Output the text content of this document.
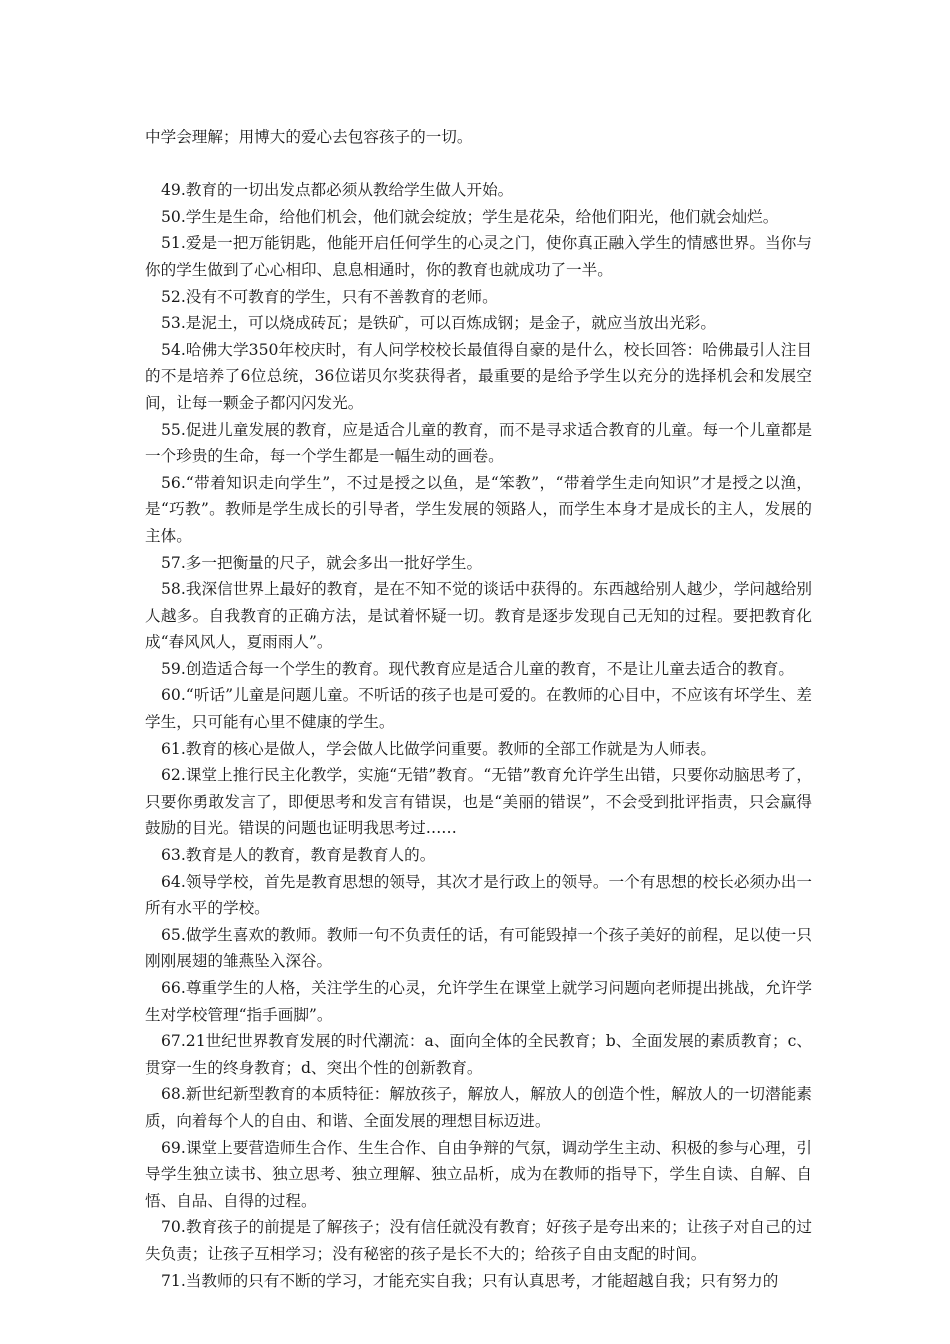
中学会理解；用博大的爱心去包容孩子的一切。

49.教育的一切出发点都必须从教给学生做人开始。

50.学生是生命，给他们机会，他们就会绽放；学生是花朵，给他们阳光，他们就会灿烂。

51.爱是一把万能钥匙，他能开启任何学生的心灵之门，使你真正融入学生的情感世界。当你与你的学生做到了心心相印、息息相通时，你的教育也就成功了一半。

52.没有不可教育的学生，只有不善教育的老师。

53.是泥土，可以烧成砖瓦；是铁矿，可以百炼成钢；是金子，就应当放出光彩。

54.哈佛大学350年校庆时，有人问学校校长最值得自豪的是什么，校长回答：哈佛最引人注目的不是培养了6位总统，36位诺贝尔奖获得者，最重要的是给予学生以充分的选择机会和发展空间，让每一颗金子都闪闪发光。

55.促进儿童发展的教育，应是适合儿童的教育，而不是寻求适合教育的儿童。每一个儿童都是一个珍贵的生命，每一个学生都是一幅生动的画卷。

56.“带着知识走向学生”，不过是授之以鱼，是“笨教”，“带着学生走向知识”才是授之以渔，是“巧教”。教师是学生成长的引导者，学生发展的领路人，而学生本身才是成长的主人，发展的主体。

57.多一把衡量的尺子，就会多出一批好学生。

58.我深信世界上最好的教育，是在不知不觉的谈话中获得的。东西越给别人越少，学问越给别人越多。自我教育的正确方法，是试着怀疑一切。教育是逐步发现自己无知的过程。要把教育化成“春风风人，夏雨雨人”。

59.创造适合每一个学生的教育。现代教育应是适合儿童的教育，不是让儿童去适合的教育。

60.“听话”儿童是问题儿童。不听话的孩子也是可爱的。在教师的心目中，不应该有坏学生、差学生，只可能有心里不健康的学生。

61.教育的核心是做人，学会做人比做学问重要。教师的全部工作就是为人师表。

62.课堂上推行民主化教学，实施“无错”教育。“无错”教育允许学生出错，只要你动脑思考了，只要你勇敢发言了，即便思考和发言有错误，也是“美丽的错误”，不会受到批评指责，只会赢得鼓励的目光。错误的问题也证明我思考过……

63.教育是人的教育，教育是教育人的。

64.领导学校，首先是教育思想的领导，其次才是行政上的领导。一个有思想的校长必须办出一所有水平的学校。

65.做学生喜欢的教师。教师一句不负责任的话，有可能毁掉一个孩子美好的前程，足以使一只刚刚展翅的雏燕坠入深谷。

66.尊重学生的人格，关注学生的心灵，允许学生在课堂上就学习问题向老师提出挑战，允许学生对学校管理“指手画脚”。

67.21世纪世界教育发展的时代潮流：a、面向全体的全民教育；b、全面发展的素质教育；c、贯穿一生的终身教育；d、突出个性的创新教育。

68.新世纪新型教育的本质特征：解放孩子，解放人，解放人的创造个性，解放人的一切潜能素质，向着每个人的自由、和谐、全面发展的理想目标迈进。

69.课堂上要营造师生合作、生生合作、自由争辩的气氛，调动学生主动、积极的参与心理，引导学生独立读书、独立思考、独立理解、独立品析，成为在教师的指导下，学生自读、自解、自悟、自品、自得的过程。

70.教育孩子的前提是了解孩子；没有信任就没有教育；好孩子是夸出来的；让孩子对自己的过失负责；让孩子互相学习；没有秘密的孩子是长不大的；给孩子自由支配的时间。

71.当教师的只有不断的学习，才能充实自我；只有认真思考，才能超越自我；只有努力的
